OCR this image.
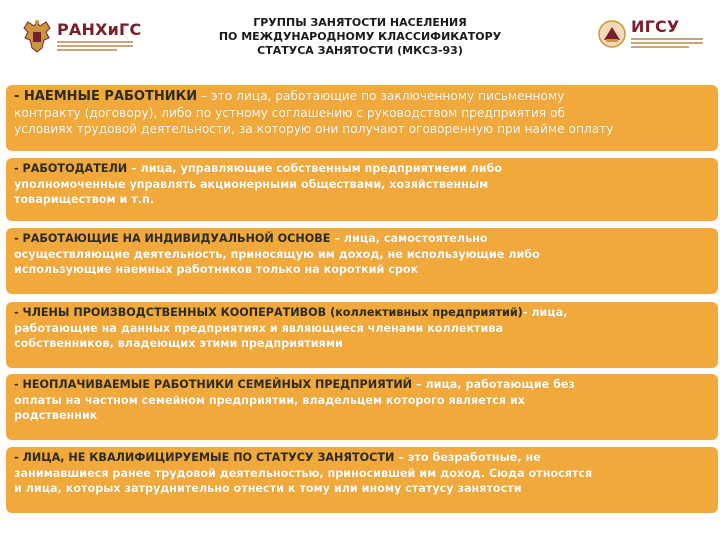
РАНХиГС	ГРУППЫ ЗАНЯТОСТИ НАСЕЛЕНИЯ
ПО МЕЖДУНАРОДНОМУ КЛАССИФИКАТОРУ
СТАТУСА ЗАНЯТОСТИ (МКСЗ-93)
ИГСУ
- НАЕМНЫЕ РАБОТНИКИ – это лица, работающие по заключенному письменному
контракту (договору), либо по устному соглашению с руководством предприятия об
условиях трудовой деятельности, за которую они получают оговоренную при найме оплату
- РАБОТОДАТЕЛИ – лица, управляющие собственным предприятиеми либо
уполномоченные управлять акционерными обществами, хозяйственным
товариществом и т.п.
- РАБОТАЮЩИЕ НА ИНДИВИДУАЛЬНОЙ ОСНОВЕ – лица, самостоятельно
осуществляющие деятельность, приносящую им доход, не использующие либо
использующие наемных работников только на короткий срок
- ЧЛЕНЫ ПРОИЗВОДСТВЕННЫХ КООПЕРАТИВОВ (коллективных предприятий)- лица,
работающие на данных предприятиях и являющиеся членами коллектива
собственников, владеющих этими предприятиями
- НЕОПЛАЧИВАЕМЫЕ РАБОТНИКИ СЕМЕЙНЫХ ПРЕДПРИЯТИЙ – лица, работающие без
оплаты на частном семейном предприятии, владельцем которого является их
родственник
- ЛИЦА, НЕ КВАЛИФИЦИРУЕМЫЕ ПО СТАТУСУ ЗАНЯТОСТИ – это безработные, не
занимавшиеся ранее трудовой деятельностью, приносившей им доход. Сюда относятся
и лица, которых затруднительно отнести к тому или иному статусу занятости
